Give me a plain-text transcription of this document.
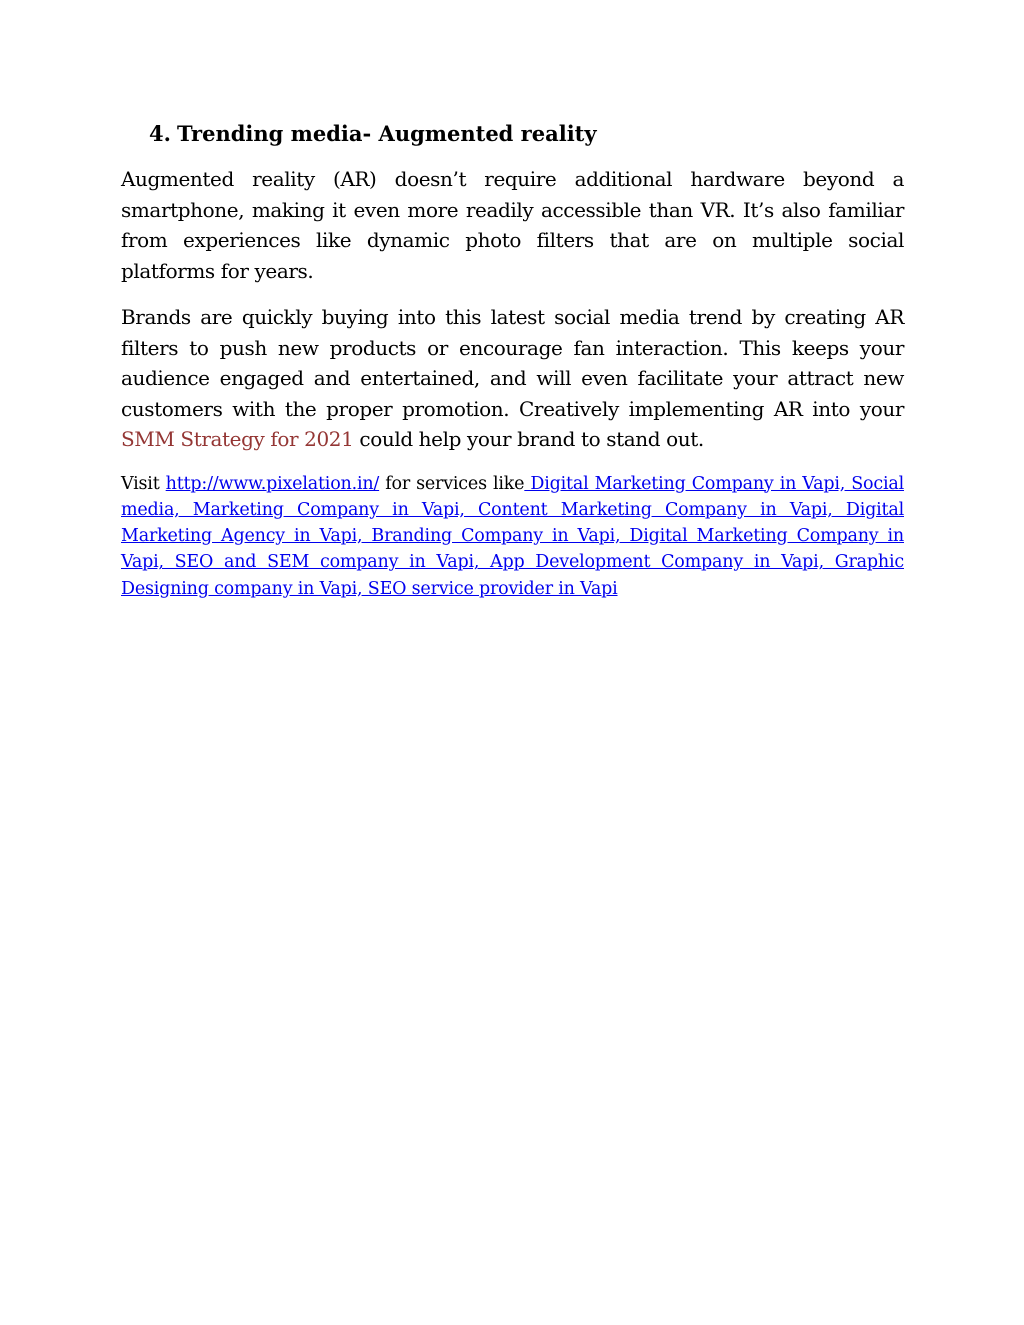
4. Trending media- Augmented reality

Augmented reality (AR) doesn’t require additional hardware beyond a smartphone, making it even more readily accessible than VR. It’s also familiar from experiences like dynamic photo filters that are on multiple social platforms for years.

Brands are quickly buying into this latest social media trend by creating AR filters to push new products or encourage fan interaction. This keeps your audience engaged and entertained, and will even facilitate your attract new customers with the proper promotion. Creatively implementing AR into your SMM Strategy for 2021 could help your brand to stand out.

Visit http://www.pixelation.in/ for services like Digital Marketing Company in Vapi, Social media, Marketing Company in Vapi, Content Marketing Company in Vapi, Digital Marketing Agency in Vapi, Branding Company in Vapi, Digital Marketing Company in Vapi, SEO and SEM company in Vapi, App Development Company in Vapi, Graphic Designing company in Vapi, SEO service provider in Vapi
